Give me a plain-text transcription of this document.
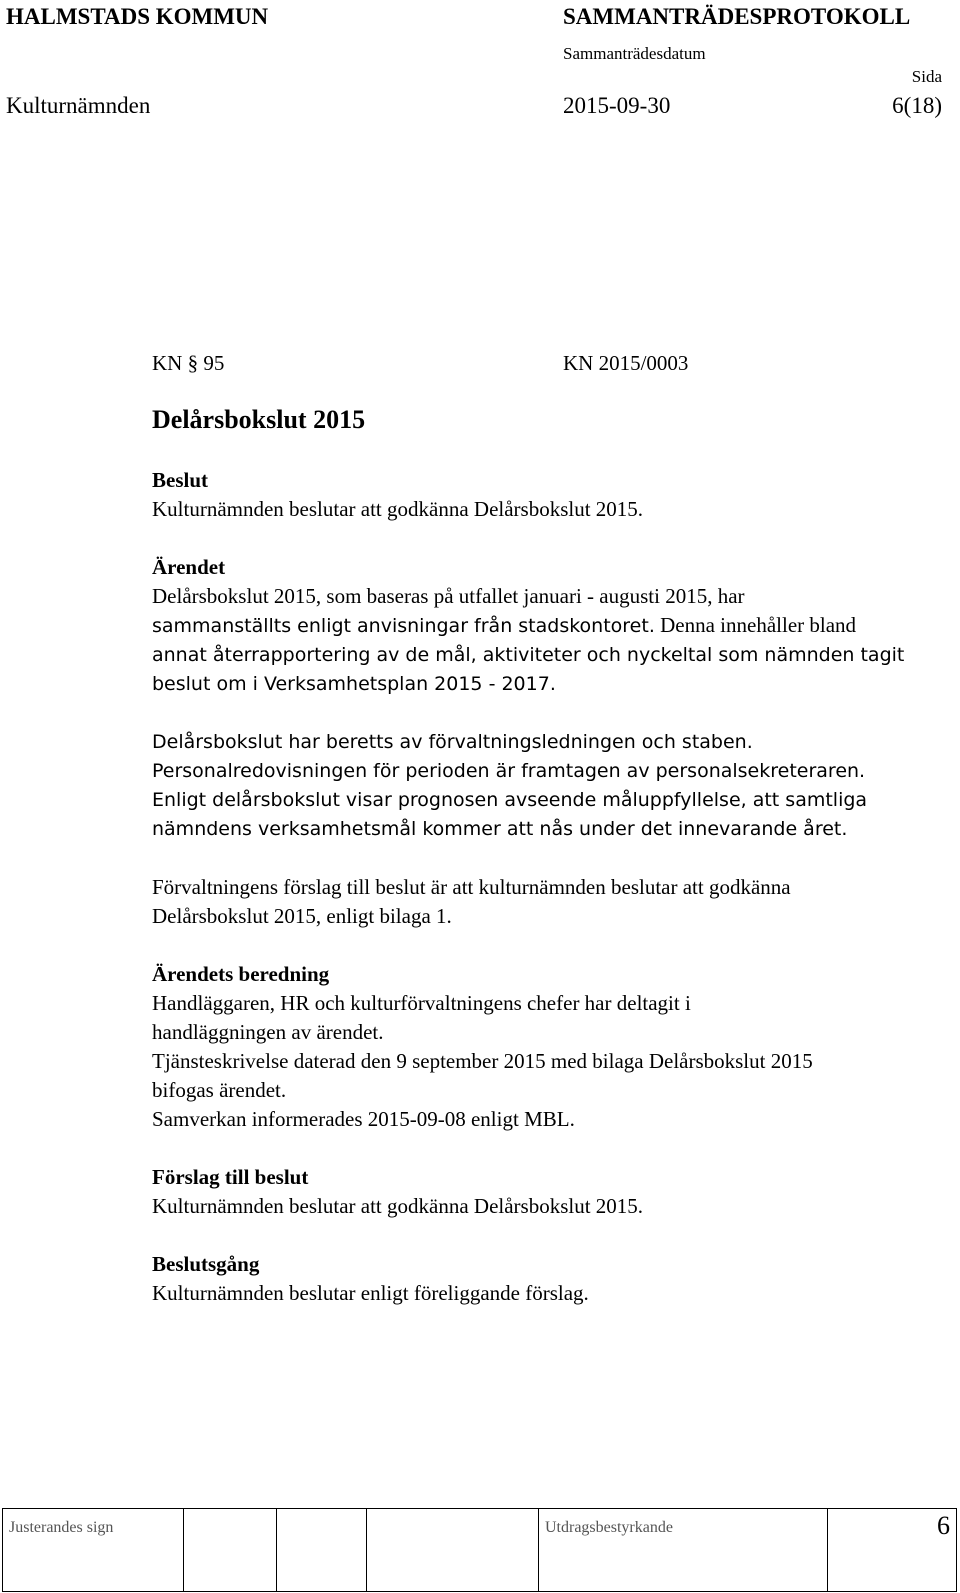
HALMSTADS KOMMUN	SAMMANTRÄDESPROTOKOLL
Sammanträdesdatum
Sida
Kulturnämnden	2015-09-30	6(18)
KN § 95	KN 2015/0003
Delårsbokslut 2015

Beslut

Kulturnämnden beslutar att godkänna Delårsbokslut 2015.

Ärendet

Delårsbokslut 2015, som baseras på utfallet januari - augusti 2015, har

sammanställts enligt anvisningar från stadskontoret. Denna innehåller bland

annat återrapportering av de mål, aktiviteter och nyckeltal som nämnden tagit

beslut om i Verksamhetsplan 2015 - 2017.

Delårsbokslut har beretts av förvaltningsledningen och staben.

Personalredovisningen för perioden är framtagen av personalsekreteraren.

Enligt delårsbokslut visar prognosen avseende måluppfyllelse, att samtliga

nämndens verksamhetsmål kommer att nås under det innevarande året.

Förvaltningens förslag till beslut är att kulturnämnden beslutar att godkänna

Delårsbokslut 2015, enligt bilaga 1.

Ärendets beredning

Handläggaren, HR och kulturförvaltningens chefer har deltagit i

handläggningen av ärendet.

Tjänsteskrivelse daterad den 9 september 2015 med bilaga Delårsbokslut 2015

bifogas ärendet.

Samverkan informerades 2015-09-08 enligt MBL.

Förslag till beslut

Kulturnämnden beslutar att godkänna Delårsbokslut 2015.

Beslutsgång

Kulturnämnden beslutar enligt föreliggande förslag.

Justerandes sign				Utdragsbestyrkande	6
